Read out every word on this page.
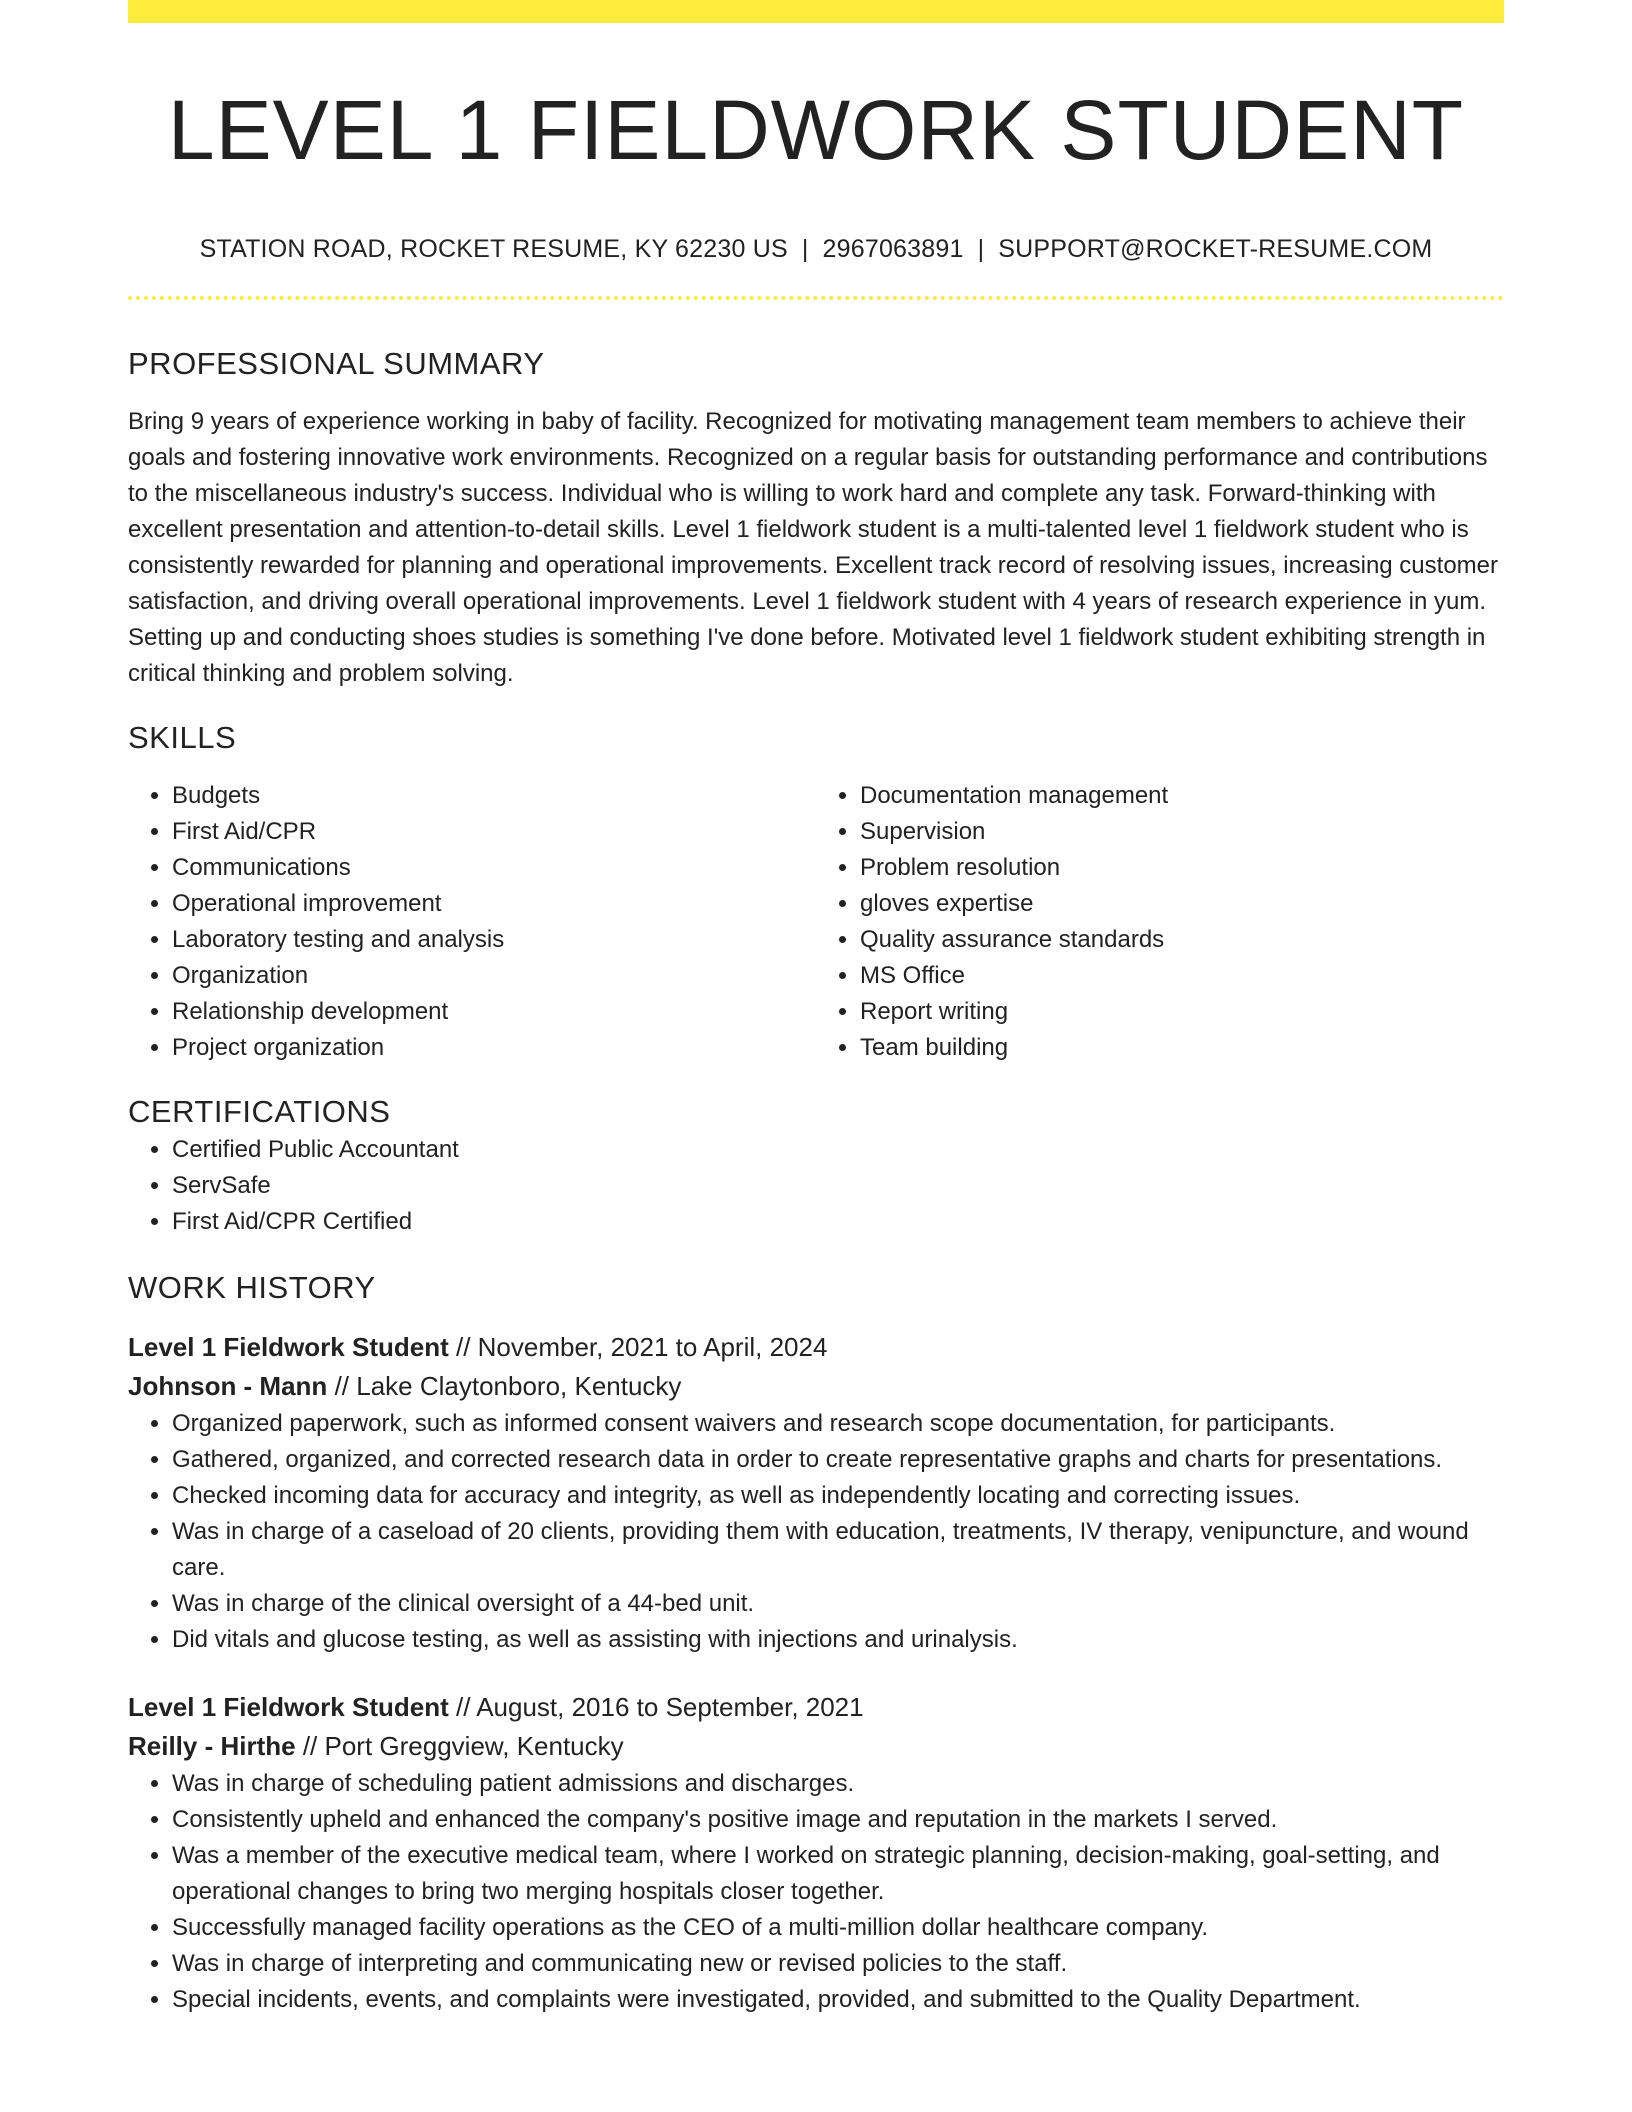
LEVEL 1 FIELDWORK STUDENT
STATION ROAD, ROCKET RESUME, KY 62230 US | 2967063891 | SUPPORT@ROCKET-RESUME.COM
PROFESSIONAL SUMMARY
Bring 9 years of experience working in baby of facility. Recognized for motivating management team members to achieve their goals and fostering innovative work environments. Recognized on a regular basis for outstanding performance and contributions to the miscellaneous industry's success. Individual who is willing to work hard and complete any task. Forward-thinking with excellent presentation and attention-to-detail skills. Level 1 fieldwork student is a multi-talented level 1 fieldwork student who is consistently rewarded for planning and operational improvements. Excellent track record of resolving issues, increasing customer satisfaction, and driving overall operational improvements. Level 1 fieldwork student with 4 years of research experience in yum. Setting up and conducting shoes studies is something I've done before. Motivated level 1 fieldwork student exhibiting strength in critical thinking and problem solving.
SKILLS
• Budgets
• First Aid/CPR
• Communications
• Operational improvement
• Laboratory testing and analysis
• Organization
• Relationship development
• Project organization
• Documentation management
• Supervision
• Problem resolution
• gloves expertise
• Quality assurance standards
• MS Office
• Report writing
• Team building
CERTIFICATIONS
• Certified Public Accountant
• ServSafe
• First Aid/CPR Certified
WORK HISTORY
Level 1 Fieldwork Student // November, 2021 to April, 2024
Johnson - Mann // Lake Claytonboro, Kentucky
• Organized paperwork, such as informed consent waivers and research scope documentation, for participants.
• Gathered, organized, and corrected research data in order to create representative graphs and charts for presentations.
• Checked incoming data for accuracy and integrity, as well as independently locating and correcting issues.
• Was in charge of a caseload of 20 clients, providing them with education, treatments, IV therapy, venipuncture, and wound care.
• Was in charge of the clinical oversight of a 44-bed unit.
• Did vitals and glucose testing, as well as assisting with injections and urinalysis.
Level 1 Fieldwork Student // August, 2016 to September, 2021
Reilly - Hirthe // Port Greggview, Kentucky
• Was in charge of scheduling patient admissions and discharges.
• Consistently upheld and enhanced the company's positive image and reputation in the markets I served.
• Was a member of the executive medical team, where I worked on strategic planning, decision-making, goal-setting, and operational changes to bring two merging hospitals closer together.
• Successfully managed facility operations as the CEO of a multi-million dollar healthcare company.
• Was in charge of interpreting and communicating new or revised policies to the staff.
• Special incidents, events, and complaints were investigated, provided, and submitted to the Quality Department.
